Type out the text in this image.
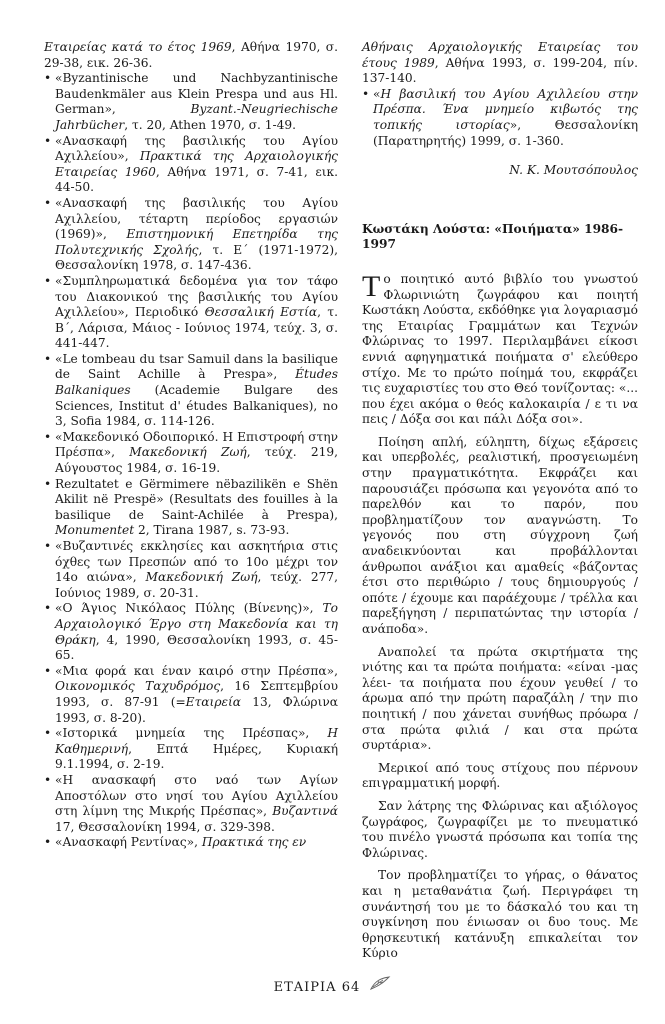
Εταιρείας κατά το έτος 1969, Αθήνα 1970, σ. 29-38, εικ. 26-36.

• «Byzantinische und Nachbyzantinische Baudenkmäler aus Klein Prespa und aus Hl. German», Byzant.-Neugriechische Jahrbücher, τ. 20, Athen 1970, σ. 1-49.

• «Ανασκαφή της βασιλικής του Αγίου Αχιλλείου», Πρακτικά της Αρχαιολογικής Εταιρείας 1960, Αθήνα 1971, σ. 7-41, εικ. 44-50.

• «Ανασκαφή της βασιλικής του Αγίου Αχιλλείου, τέταρτη περίοδος εργασιών (1969)», Επιστημονική Επετηρίδα της Πολυτεχνικής Σχολής, τ. Ε΄ (1971-1972), Θεσσαλονίκη 1978, σ. 147-436.

• «Συμπληρωματικά δεδομένα για τον τάφο του Διακονικού της βασιλικής του Αγίου Αχιλλείου», Περιοδικό Θεσσαλική Εστία, τ. Β΄, Λάρισα, Μάιος - Ιούνιος 1974, τεύχ. 3, σ. 441-447.

• «Le tombeau du tsar Samuil dans la basilique de Saint Achille à Prespa», Études Balkaniques (Academie Bulgare des Sciences, Institut d' études Balkaniques), no 3, Sofia 1984, σ. 114-126.

• «Μακεδονικό Οδοιπορικό. Η Επιστροφή στην Πρέσπα», Μακεδονική Ζωή, τεύχ. 219, Αύγουστος 1984, σ. 16-19.

• Rezultatet e Gërmimere nëbazilikën e Shën Akilit në Prespë» (Resultats des fouilles à la basilique de Saint-Achilée à Prespa), Monumentet 2, Tirana 1987, s. 73-93.

• «Βυζαντινές εκκλησίες και ασκητήρια στις όχθες των Πρεσπών από το 10ο μέχρι τον 14ο αιώνα», Μακεδονική Ζωή, τεύχ. 277, Ιούνιος 1989, σ. 20-31.

• «Ο Άγιος Νικόλαος Πύλης (Βίνενης)», Το Αρχαιολογικό Έργο στη Μακεδονία και τη Θράκη, 4, 1990, Θεσσαλονίκη 1993, σ. 45-65.

• «Μια φορά και έναν καιρό στην Πρέσπα», Οικονομικός Ταχυδρόμος, 16 Σεπτεμβρίου 1993, σ. 87-91 (=Εταιρεία 13, Φλώρινα 1993, σ. 8-20).

• «Ιστορικά μνημεία της Πρέσπας», Η Καθημερινή, Επτά Ημέρες, Κυριακή 9.1.1994, σ. 2-19.

• «Η ανασκαφή στο ναό των Αγίων Αποστόλων στο νησί του Αγίου Αχιλλείου στη λίμνη της Μικρής Πρέσπας», Βυζαντινά 17, Θεσσαλονίκη 1994, σ. 329-398.

• «Ανασκαφή Ρεντίνας», Πρακτικά της εν

Αθήναις Αρχαιολογικής Εταιρείας του έτους 1989, Αθήνα 1993, σ. 199-204, πίν. 137-140.

• «Η βασιλική του Αγίου Αχιλλείου στην Πρέσπα. Ένα μνημείο κιβωτός της τοπικής ιστορίας», Θεσσαλονίκη (Παρατηρητής) 1999, σ. 1-360.

N. K. Μουτσόπουλος

Κωστάκη Λούστα: «Ποιήματα» 1986-1997

Το ποιητικό αυτό βιβλίο του γνωστού Φλωρινιώτη ζωγράφου και ποιητή Κωστάκη Λούστα, εκδόθηκε για λογαριασμό της Εταιρίας Γραμμάτων και Τεχνών Φλώρινας το 1997. Περιλαμβάνει είκοσι εννιά αφηγηματικά ποιήματα σ' ελεύθερο στίχο. Με το πρώτο ποίημά του, εκφράζει τις ευχαριστίες του στο Θεό τονίζοντας: «... που έχει ακόμα ο θεός καλοκαιρία / ε τι να πεις / Δόξα σοι και πάλι Δόξα σοι».

Ποίηση απλή, εύληπτη, δίχως εξάρσεις και υπερβολές, ρεαλιστική, προσγειωμένη στην πραγματικότητα. Εκφράζει και παρουσιάζει πρόσωπα και γεγονότα από το παρελθόν και το παρόν, που προβληματίζουν τον αναγνώστη. Το γεγονός που στη σύγχρονη ζωή αναδεικνύονται και προβάλλονται άνθρωποι ανάξιοι και αμαθείς «βάζοντας έτσι στο περιθώριο / τους δημιουργούς / οπότε / έχουμε και παράέχουμε / τρέλλα και παρεξήγηση / περιπατώντας την ιστορία / ανάποδα».

Αναπολεί τα πρώτα σκιρτήματα της νιότης και τα πρώτα ποιήματα: «είναι -μας λέει- τα ποιήματα που έχουν γευθεί / το άρωμα από την πρώτη παραζάλη / την πιο ποιητική / που χάνεται συνήθως πρόωρα / στα πρώτα φιλιά / και στα πρώτα συρτάρια».

Μερικοί από τους στίχους που πέρνουν επιγραμματική μορφή.

Σαν λάτρης της Φλώρινας και αξιόλογος ζωγράφος, ζωγραφίζει με το πνευματικό του πινέλο γνωστά πρόσωπα και τοπία της Φλώρινας.

Τον προβληματίζει το γήρας, ο θάνατος και η μεταθανάτια ζωή. Περιγράφει τη συνάντησή του με το δάσκαλό του και τη συγκίνηση που ένιωσαν οι δυο τους. Με θρησκευτική κατάνυξη επικαλείται τον Κύριο

ΕΤΑΙΡΙΑ 64
